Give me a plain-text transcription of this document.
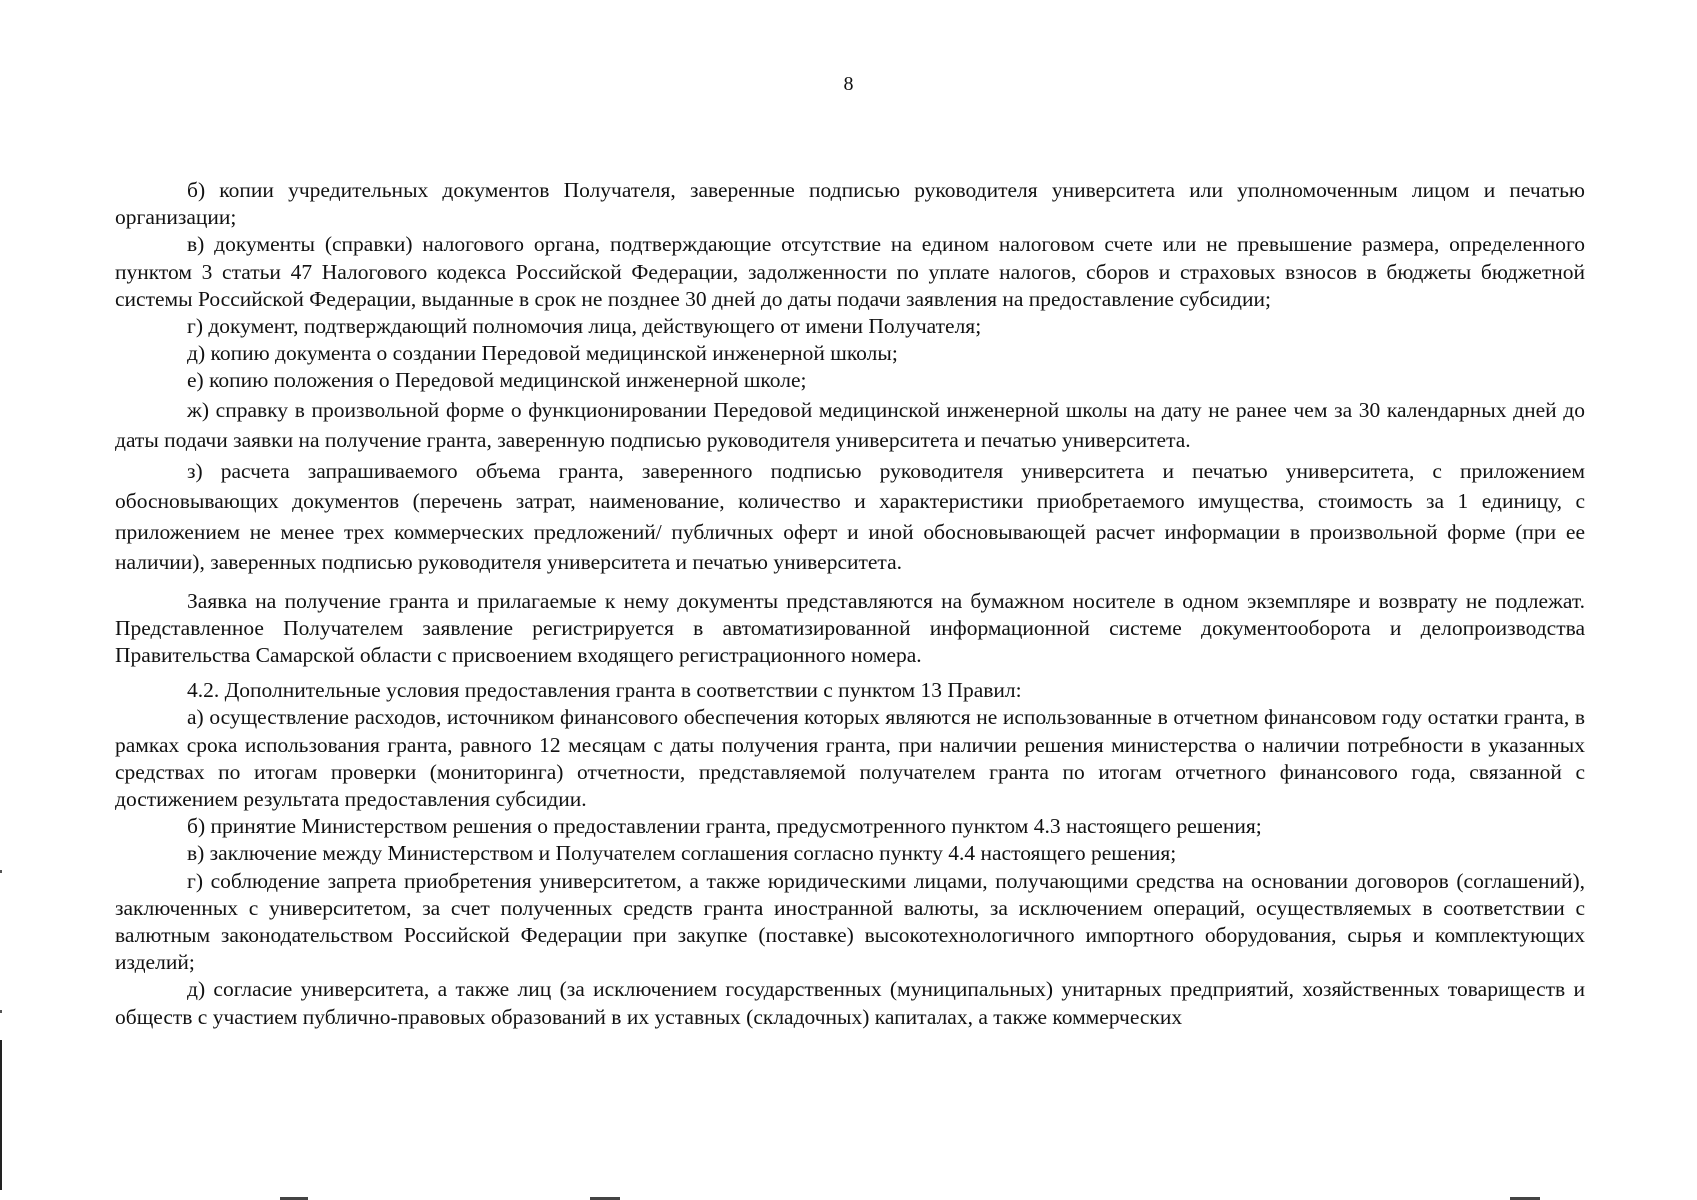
8

б) копии учредительных документов Получателя, заверенные подписью руководителя университета или уполномоченным лицом и печатью организации;

в) документы (справки) налогового органа, подтверждающие отсутствие на едином налоговом счете или не превышение размера, определенного пунктом 3 статьи 47 Налогового кодекса Российской Федерации, задолженности по уплате налогов, сборов и страховых взносов в бюджеты бюджетной системы Российской Федерации, выданные в срок не позднее 30 дней до даты подачи заявления на предоставление субсидии;

г) документ, подтверждающий полномочия лица, действующего от имени Получателя;

д) копию документа о создании Передовой медицинской инженерной школы;

е) копию положения о Передовой медицинской инженерной школе;

ж) справку в произвольной форме о функционировании Передовой медицинской инженерной школы на дату не ранее чем за 30 календарных дней до даты подачи заявки на получение гранта, заверенную подписью руководителя университета и печатью университета.

з) расчета запрашиваемого объема гранта, заверенного подписью руководителя университета и печатью университета, с приложением обосновывающих документов (перечень затрат, наименование, количество и характеристики приобретаемого имущества, стоимость за 1 единицу, с приложением не менее трех коммерческих предложений/ публичных оферт и иной обосновывающей расчет информации в произвольной форме (при ее наличии), заверенных подписью руководителя университета и печатью университета.

Заявка на получение гранта и прилагаемые к нему документы представляются на бумажном носителе в одном экземпляре и возврату не подлежат. Представленное Получателем заявление регистрируется в автоматизированной информационной системе документооборота и делопроизводства Правительства Самарской области с присвоением входящего регистрационного номера.

4.2. Дополнительные условия предоставления гранта в соответствии с пунктом 13 Правил:

а) осуществление расходов, источником финансового обеспечения которых являются не использованные в отчетном финансовом году остатки гранта, в рамках срока использования гранта, равного 12 месяцам с даты получения гранта, при наличии решения министерства о наличии потребности в указанных средствах по итогам проверки (мониторинга) отчетности, представляемой получателем гранта по итогам отчетного финансового года, связанной с достижением результата предоставления субсидии.

б) принятие Министерством решения о предоставлении гранта, предусмотренного пунктом 4.3 настоящего решения;

в) заключение между Министерством и Получателем соглашения согласно пункту 4.4 настоящего решения;

г) соблюдение запрета приобретения университетом, а также юридическими лицами, получающими средства на основании договоров (соглашений), заключенных с университетом, за счет полученных средств гранта иностранной валюты, за исключением операций, осуществляемых в соответствии с валютным законодательством Российской Федерации при закупке (поставке) высокотехнологичного импортного оборудования, сырья и комплектующих изделий;

д) согласие университета, а также лиц (за исключением государственных (муниципальных) унитарных предприятий, хозяйственных товариществ и обществ с участием публично-правовых образований в их уставных (складочных) капиталах, а также коммерческих
